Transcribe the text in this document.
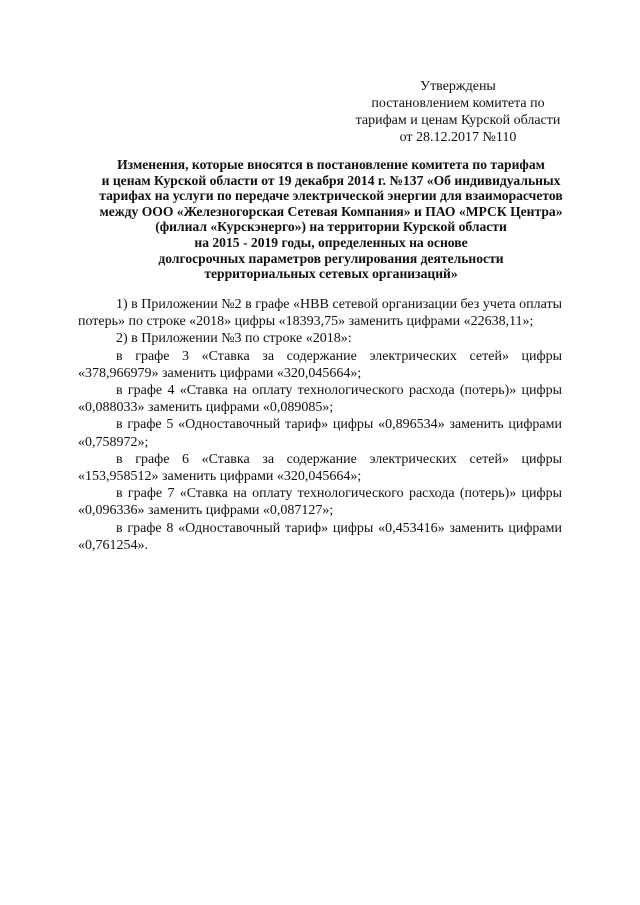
Утверждены
постановлением комитета по
тарифам и ценам Курской области
от 28.12.2017 №110
Изменения, которые вносятся в постановление комитета по тарифам
и ценам Курской области от 19 декабря 2014 г. №137 «Об индивидуальных
тарифах на услуги по передаче электрической энергии для взаиморасчетов
между ООО «Железногорская Сетевая Компания» и ПАО «МРСК Центра»
(филиал «Курскэнерго») на территории Курской области
на 2015 - 2019 годы, определенных на основе
долгосрочных параметров регулирования деятельности
территориальных сетевых организаций»

1) в Приложении №2 в графе «НВВ сетевой организации без учета оплаты потерь» по строке «2018» цифры «18393,75» заменить цифрами «22638,11»;

2) в Приложении №3 по строке «2018»:

в графе 3 «Ставка за содержание электрических сетей» цифры «378,966979» заменить цифрами «320,045664»;

в графе 4 «Ставка на оплату технологического расхода (потерь)» цифры «0,088033» заменить цифрами «0,089085»;

в графе 5 «Одноставочный тариф» цифры «0,896534» заменить цифрами «0,758972»;

в графе 6 «Ставка за содержание электрических сетей» цифры «153,958512» заменить цифрами «320,045664»;

в графе 7 «Ставка на оплату технологического расхода (потерь)» цифры «0,096336» заменить цифрами «0,087127»;

в графе 8 «Одноставочный тариф» цифры «0,453416» заменить цифрами «0,761254».
